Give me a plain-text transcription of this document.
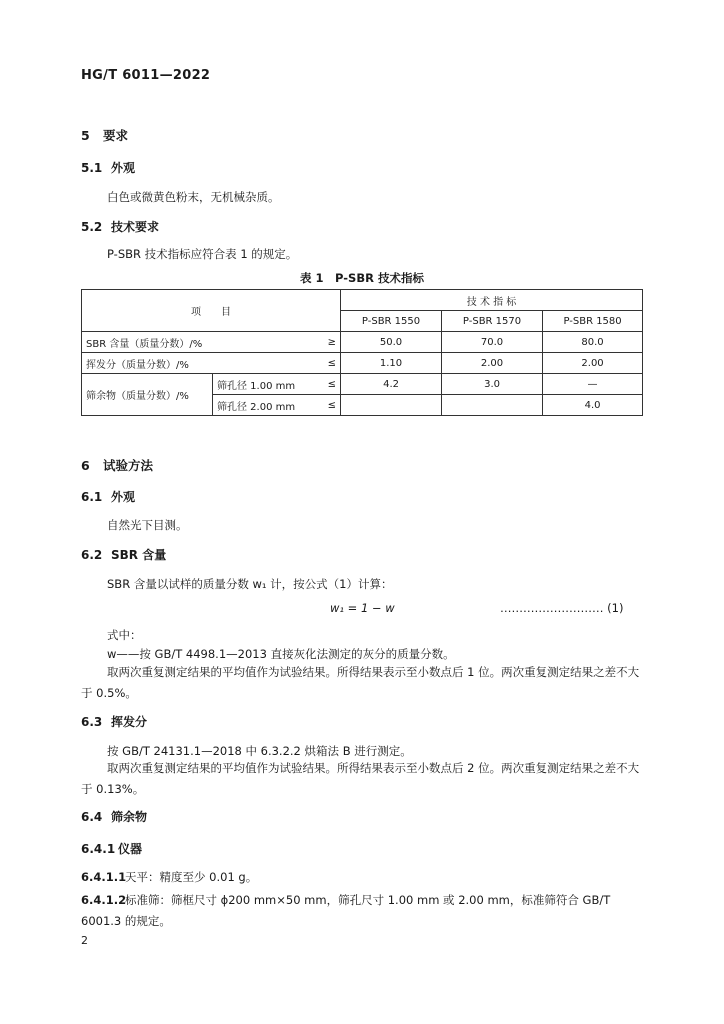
HG/T 6011—2022
5 要求
5.1 外观
白色或微黄色粉末，无机械杂质。
5.2 技术要求
P-SBR 技术指标应符合表 1 的规定。
表 1　P-SBR 技术指标
项　　目			技 术 指 标		
			P-SBR 1550	P-SBR 1570	P-SBR 1580
SBR 含量（质量分数）/%		≥	50.0	70.0	80.0
挥发分（质量分数）/%		≤	1.10	2.00	2.00
筛余物（质量分数）/%	筛孔径 1.00 mm	≤	4.2	3.0	—
	筛孔径 2.00 mm	≤			4.0
6 试验方法
6.1 外观
自然光下目测。
6.2 SBR 含量
SBR 含量以试样的质量分数 w₁ 计，按公式（1）计算：
w₁ = 1 − w	……………………… (1)
式中：
w——按 GB/T 4498.1—2013 直接灰化法测定的灰分的质量分数。
取两次重复测定结果的平均值作为试验结果。所得结果表示至小数点后 1 位。两次重复测定结果之差不大于 0.5%。
6.3 挥发分
按 GB/T 24131.1—2018 中 6.3.2.2 烘箱法 B 进行测定。
取两次重复测定结果的平均值作为试验结果。所得结果表示至小数点后 2 位。两次重复测定结果之差不大于 0.13%。
6.4 筛余物
6.4.1 仪器
6.4.1.1天平：精度至少 0.01 g。
6.4.1.2标准筛：筛框尺寸 ϕ200 mm×50 mm，筛孔尺寸 1.00 mm 或 2.00 mm，标准筛符合 GB/T 6001.3 的规定。
2
